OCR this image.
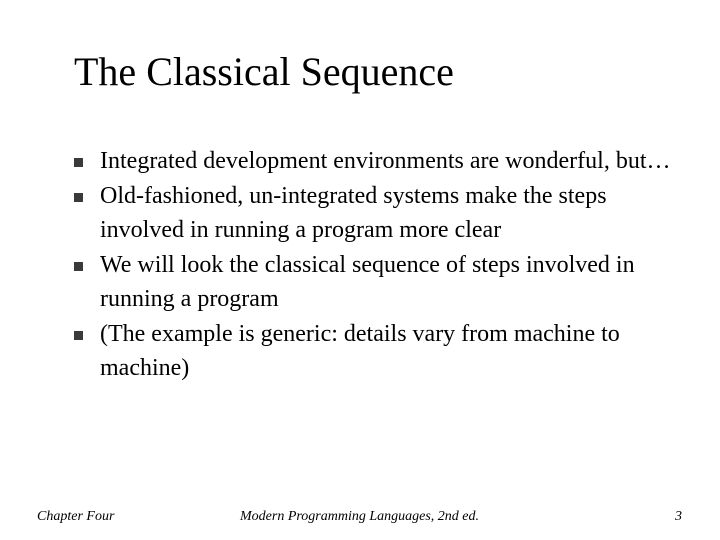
The Classical Sequence
Integrated development environments are wonderful, but…
Old-fashioned, un-integrated systems make the steps involved in running a program more clear
We will look the classical sequence of steps involved in running a program
(The example is generic: details vary from machine to machine)
Chapter Four	Modern Programming Languages, 2nd ed.	3
